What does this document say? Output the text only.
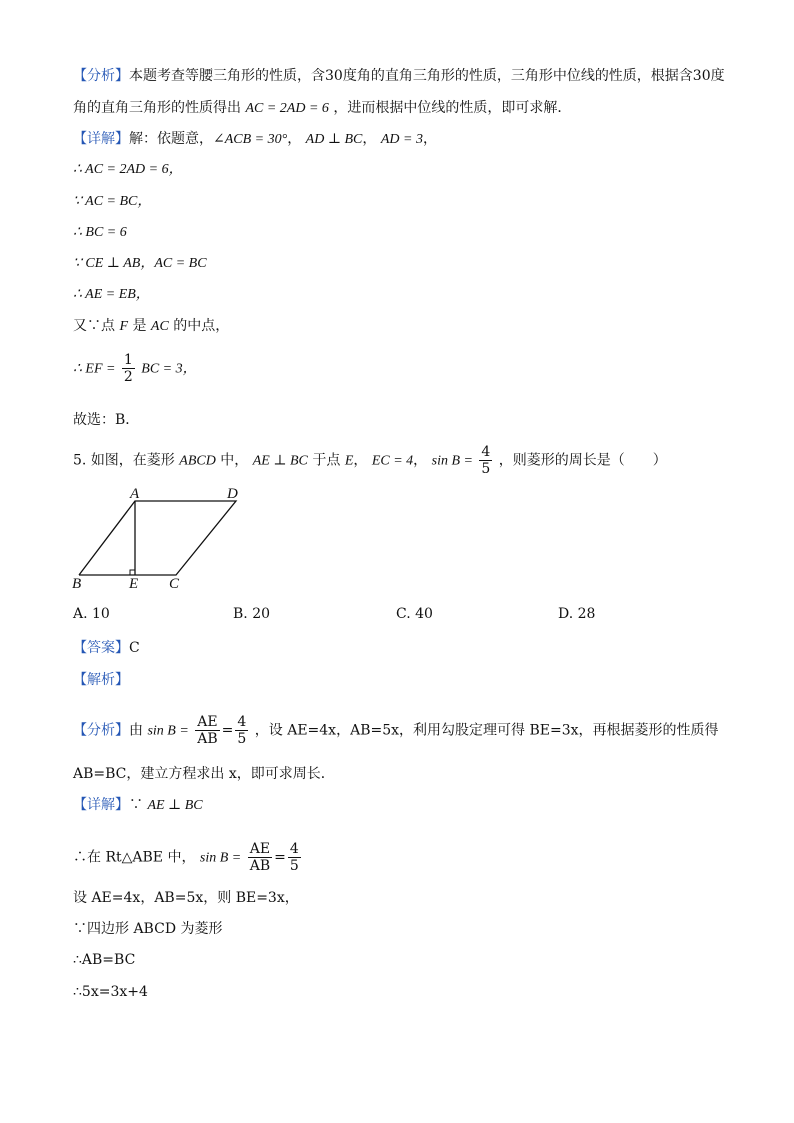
【分析】本题考查等腰三角形的性质，含30度角的直角三角形的性质，三角形中位线的性质，根据含30度
角的直角三角形的性质得出 AC = 2AD = 6 ，进而根据中位线的性质，即可求解．
【详解】解：依题意，∠ACB = 30°， AD ⊥ BC， AD = 3，
∴ AC = 2AD = 6，
∵ AC = BC，
∴ BC = 6
∵ CE ⊥ AB，AC = BC
∴ AE = EB，
又∵点 F 是 AC 的中点，
∴ EF = $\frac{1}{2}$ BC = 3，
故选：B．
5. 如图，在菱形 ABCD 中， AE ⊥ BC 于点 E， EC = 4， $\sin B = \frac{4}{5}$ ，则菱形的周长是（　　）
A	D
B	E C
A. 10	B. 20	C. 40	D. 28
【答案】C
【解析】
【分析】由 $\sin B = \frac{AE}{AB} = \frac{4}{5}$ ，设 AE=4x，AB=5x，利用勾股定理可得 BE=3x，再根据菱形的性质得
AB=BC，建立方程求出 x，即可求周长．
【详解】∵ AE ⊥ BC
∴在 Rt△ABE 中， $\sin B = \frac{AE}{AB} = \frac{4}{5}$
设 AE=4x，AB=5x，则 BE=3x，
∵四边形 ABCD 为菱形
∴AB=BC
∴5x=3x+4
